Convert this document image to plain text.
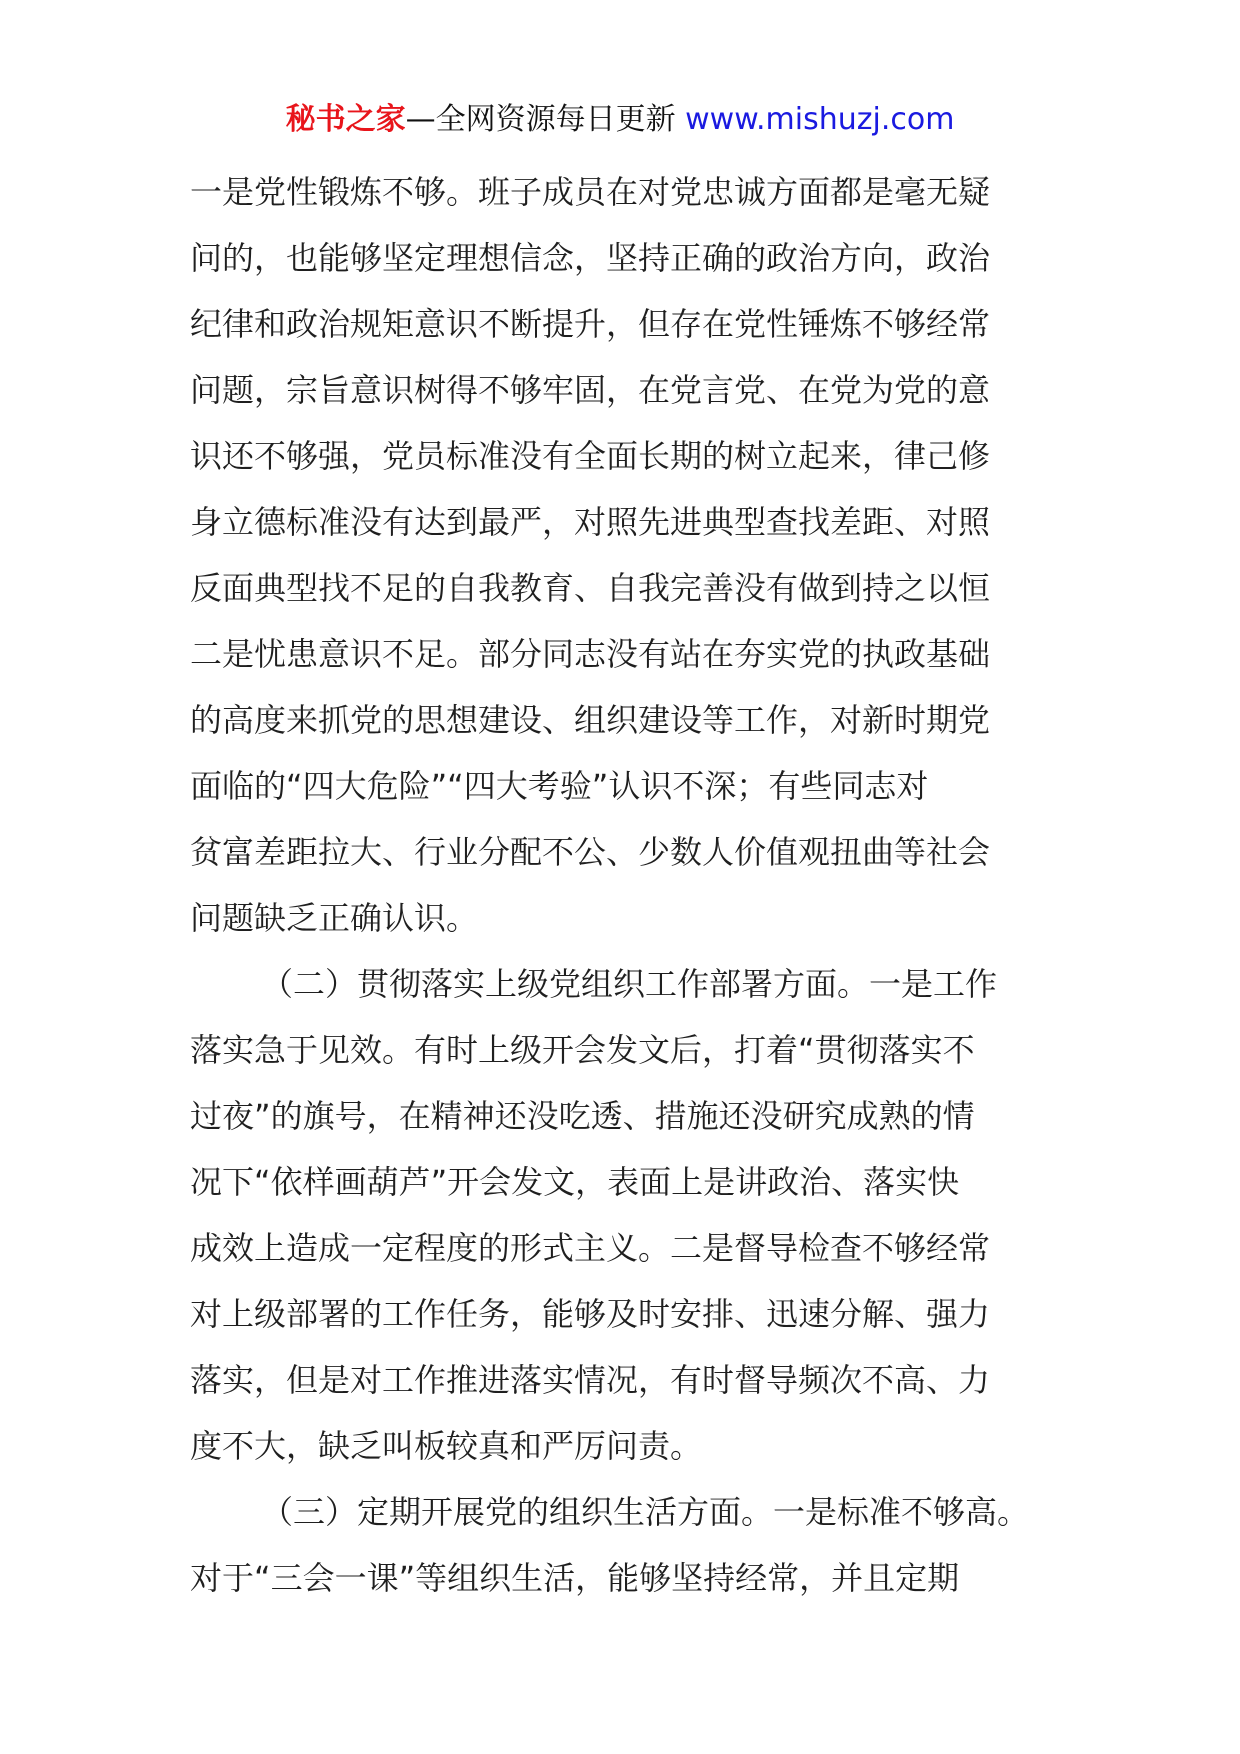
秘书之家—全网资源每日更新 www.mishuzj.com
一是党性锻炼不够。班子成员在对党忠诚方面都是毫无疑
问的，也能够坚定理想信念，坚持正确的政治方向，政治
纪律和政治规矩意识不断提升，但存在党性锤炼不够经常
问题，宗旨意识树得不够牢固，在党言党、在党为党的意
识还不够强，党员标准没有全面长期的树立起来，律己修
身立德标准没有达到最严，对照先进典型查找差距、对照
反面典型找不足的自我教育、自我完善没有做到持之以恒
二是忧患意识不足。部分同志没有站在夯实党的执政基础
的高度来抓党的思想建设、组织建设等工作，对新时期党
面临的“四大危险”“四大考验”认识不深；有些同志对
贫富差距拉大、行业分配不公、少数人价值观扭曲等社会
问题缺乏正确认识。
（二）贯彻落实上级党组织工作部署方面。一是工作
落实急于见效。有时上级开会发文后，打着“贯彻落实不
过夜”的旗号，在精神还没吃透、措施还没研究成熟的情
况下“依样画葫芦”开会发文，表面上是讲政治、落实快
成效上造成一定程度的形式主义。二是督导检查不够经常
对上级部署的工作任务，能够及时安排、迅速分解、强力
落实，但是对工作推进落实情况，有时督导频次不高、力
度不大，缺乏叫板较真和严厉问责。
（三）定期开展党的组织生活方面。一是标准不够高。
对于“三会一课”等组织生活，能够坚持经常，并且定期
